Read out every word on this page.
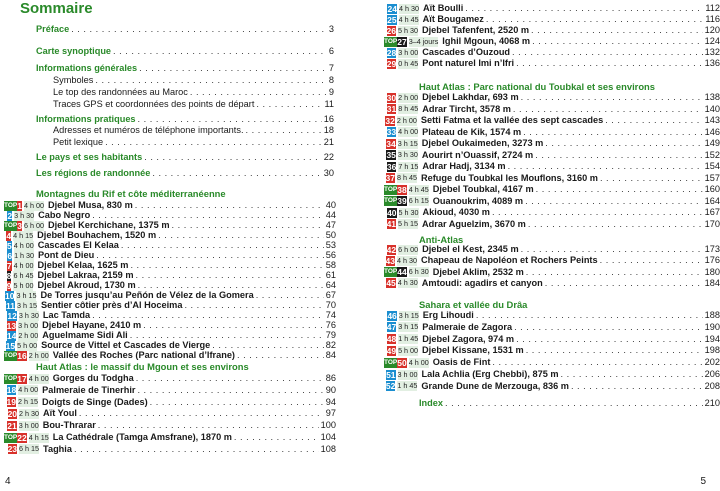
Sommaire
4
Préface . . .	3
Carte synoptique . . .	6
Informations générales . . .	7
Symboles . . .	8
Le top des randonnées au Maroc . . .	9
Traces GPS et coordonnées des points de départ . . .	11
Informations pratiques . . .	16
Adresses et numéros de téléphone importants. . . .	18
Petit lexique . . .	21
Le pays et ses habitants . . .	22
Les régions de randonnée . . .	30
Montagnes du Rif et côte méditerranéenne
TOP 1 4 h 00 Djebel Musa, 830 m . . .	40
2 3 h 30 Cabo Negro . . .	44
TOP 3 6 h 00 Djebel Kerchichane, 1375 m . . .	47
4 4 h 15 Djebel Bouhachem, 1520 m . . .	50
5 4 h 00 Cascades El Kelaa . . .	53
6 1 h 30 Pont de Dieu . . .	56
7 4 h 00 Djebel Kelaa, 1625 m . . .	58
8 6 h 45 Djebel Lakraa, 2159 m . . .	61
9 5 h 00 Djebel Akroud, 1730 m . . .	64
10 3 h 15 De Torres jusqu’au Peñón de Vélez de la Gomera . . .	67
11 3 h 15 Sentier côtier près d’Al Hoceima . . .	70
12 3 h 30 Lac Tamda . . .	74
13 3 h 00 Djebel Hayane, 2410 m . . .	76
14 2 h 00 Aguelmame Sidi Ali . . .	79
15 5 h 00 Source de Vittel et Cascades de Vierge . . .	82
TOP 16 2 h 00 Vallée des Roches (Parc national d’Ifrane) . . .	84
Haut Atlas : le massif du Mgoun et ses environs
TOP 17 4 h 00 Gorges du Todgha . . .	86
18 4 h 00 Palmeraie de Tinerhir . . .	90
19 2 h 15 Doigts de Singe (Dades) . . .	94
20 2 h 30 Aït Youl . . .	97
21 3 h 00 Bou-Thrarar . . .	100
TOP 22 4 h 15 La Cathédrale (Tamga Amsfrane), 1870 m . . .	104
23 6 h 15 Taghia . . .	108
5
24 4 h 30 Aït Boulli . . .	112
25 4 h 45 Aït Bougamez . . .	116
26 5 h 30 Djebel Tafenfent, 2520 m . . .	120
TOP 27 3–4 jours Ighil Mgoun, 4068 m . . .	124
28 3 h 00 Cascades d’Ouzoud . . .	132
29 0 h 45 Pont naturel Imi n’Ifri . . .	136
Haut Atlas : Parc national du Toubkal et ses environs
30 2 h 00 Djebel Lakhdar, 693 m . . .	138
31 8 h 45 Adrar Tircht, 3578 m . . .	140
32 2 h 00 Setti Fatma et la vallée des sept cascades . . .	143
33 4 h 00 Plateau de Kik, 1574 m . . .	146
34 3 h 15 Djebel Oukaimeden, 3273 m . . .	149
35 3 h 30 Aourirt n’Ouassif, 2724 m . . .	152
36 7 h 15 Adrar Hadj, 3134 m . . .	154
37 8 h 45 Refuge du Toubkal les Mouflons, 3160 m . . .	157
TOP 38 4 h 45 Djebel Toubkal, 4167 m . . .	160
TOP 39 6 h 15 Ouanoukrim, 4089 m . . .	164
40 5 h 30 Akioud, 4030 m . . .	167
41 5 h 15 Adrar Aguelzim, 3670 m . . .	170
Anti-Atlas
42 6 h 00 Djebel el Kest, 2345 m . . .	173
43 4 h 30 Chapeau de Napoléon et Rochers Peints . . .	176
TOP 44 6 h 30 Djebel Aklim, 2532 m . . .	180
45 4 h 30 Amtoudi: agadirs et canyon . . .	184
Sahara et vallée du Drâa
46 3 h 15 Erg Lihoudi . . .	188
47 3 h 15 Palmeraie de Zagora . . .	190
48 1 h 45 Djebel Zagora, 974 m . . .	194
49 5 h 00 Djebel Kissane, 1531 m . . .	198
TOP 50 4 h 00 Oasis de Fint . . .	202
51 3 h 00 Lala Achlia (Erg Chebbi), 875 m . . .	206
52 1 h 45 Grande Dune de Merzouga, 836 m . . .	208
Index . . .	210
